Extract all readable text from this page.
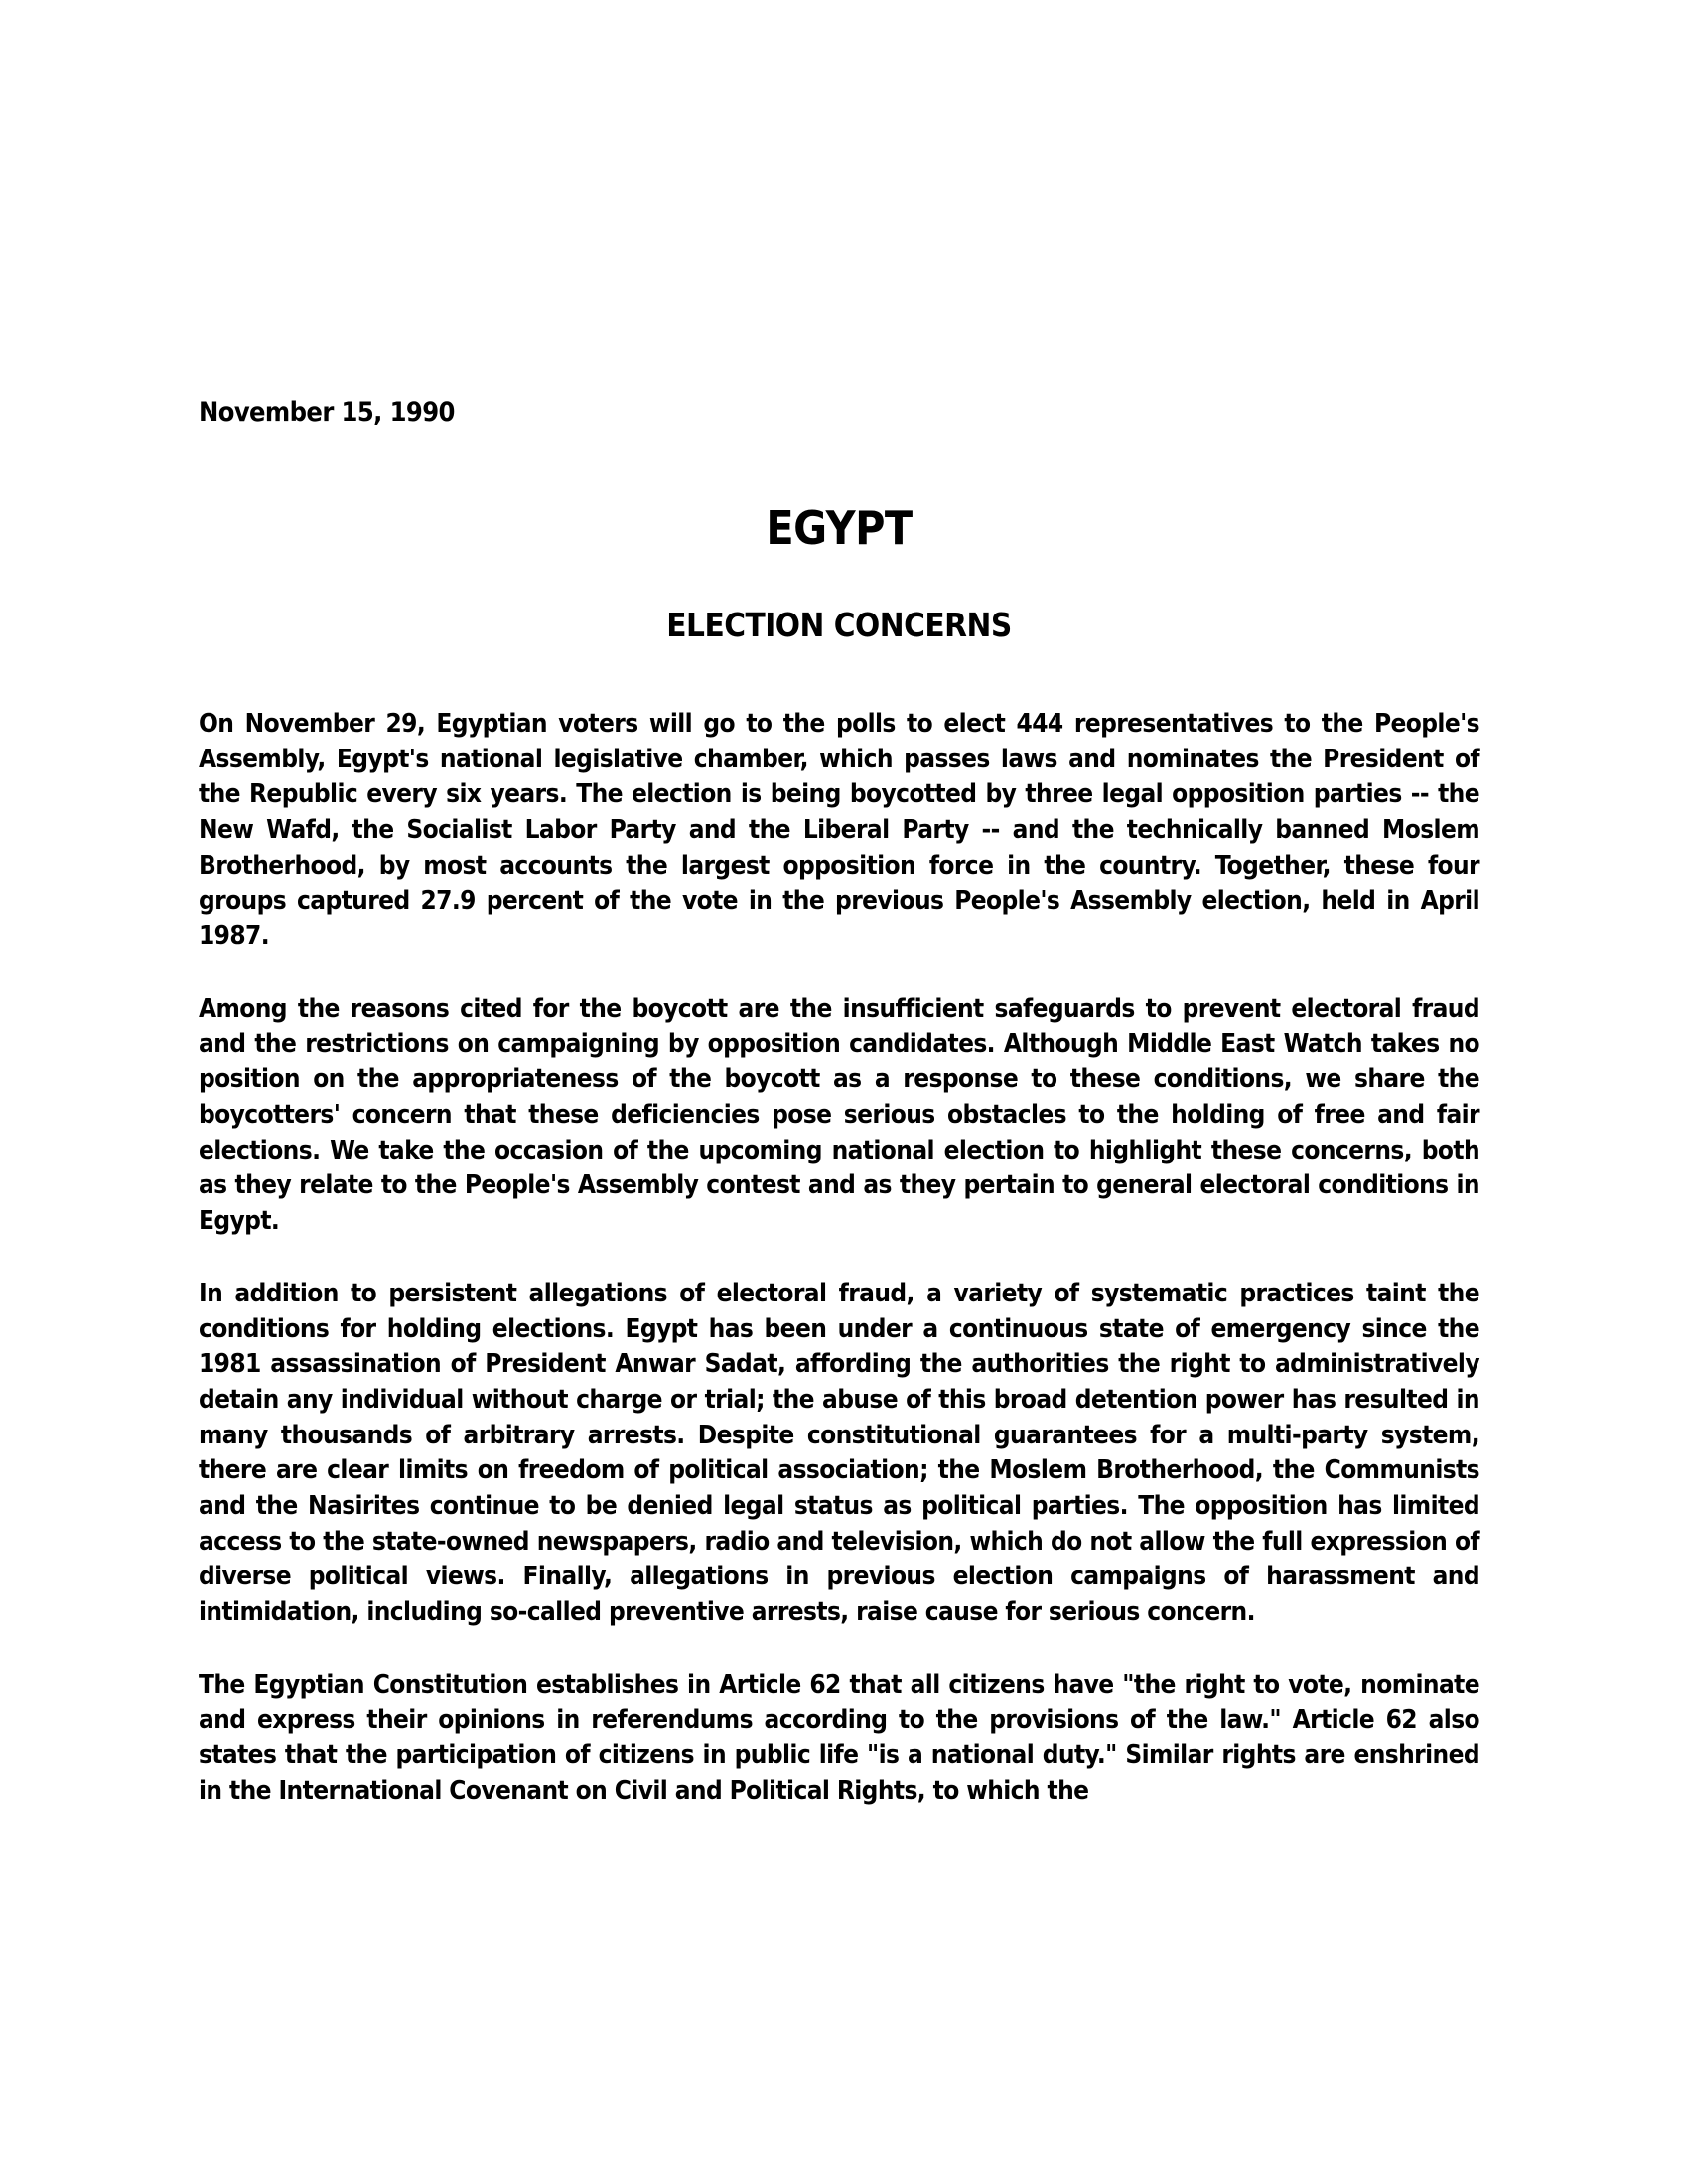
November 15, 1990

EGYPT
ELECTION CONCERNS

On November 29, Egyptian voters will go to the polls to elect 444 representatives to the People's Assembly, Egypt's national legislative chamber, which passes laws and nominates the President of the Republic every six years. The election is being boycotted by three legal opposition parties -- the New Wafd, the Socialist Labor Party and the Liberal Party -- and the technically banned Moslem Brotherhood, by most accounts the largest opposition force in the country. Together, these four groups captured 27.9 percent of the vote in the previous People's Assembly election, held in April 1987.

Among the reasons cited for the boycott are the insufficient safeguards to prevent electoral fraud and the restrictions on campaigning by opposition candidates. Although Middle East Watch takes no position on the appropriateness of the boycott as a response to these conditions, we share the boycotters' concern that these deficiencies pose serious obstacles to the holding of free and fair elections. We take the occasion of the upcoming national election to highlight these concerns, both as they relate to the People's Assembly contest and as they pertain to general electoral conditions in Egypt.

In addition to persistent allegations of electoral fraud, a variety of systematic practices taint the conditions for holding elections. Egypt has been under a continuous state of emergency since the 1981 assassination of President Anwar Sadat, affording the authorities the right to administratively detain any individual without charge or trial; the abuse of this broad detention power has resulted in many thousands of arbitrary arrests. Despite constitutional guarantees for a multi-party system, there are clear limits on freedom of political association; the Moslem Brotherhood, the Communists and the Nasirites continue to be denied legal status as political parties. The opposition has limited access to the state-owned newspapers, radio and television, which do not allow the full expression of diverse political views. Finally, allegations in previous election campaigns of harassment and intimidation, including so-called preventive arrests, raise cause for serious concern.

The Egyptian Constitution establishes in Article 62 that all citizens have "the right to vote, nominate and express their opinions in referendums according to the provisions of the law." Article 62 also states that the participation of citizens in public life "is a national duty." Similar rights are enshrined in the International Covenant on Civil and Political Rights, to which the
